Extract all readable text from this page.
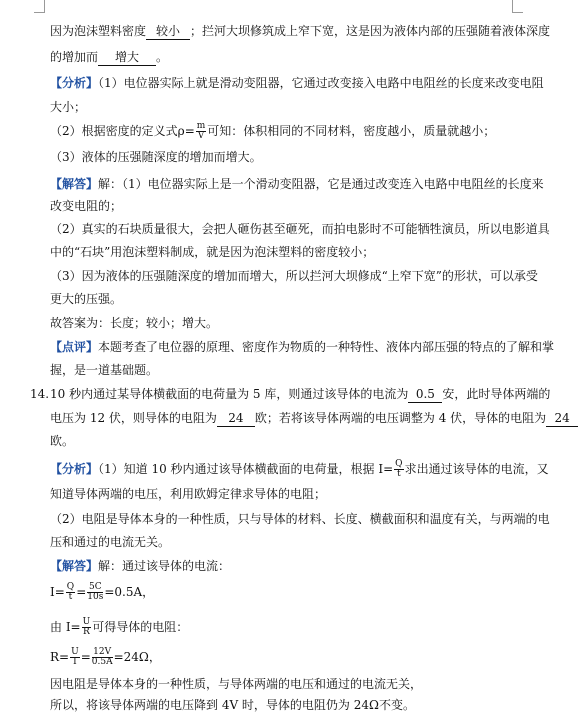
因为泡沫塑料密度 较小 ；拦河大坝修筑成上窄下宽，这是因为液体内部的压强随着液体深度
的增加而 增大 。
【分析】（1）电位器实际上就是滑动变阻器，它通过改变接入电路中电阻丝的长度来改变电阻
大小；
（2）根据密度的定义式$\rho= \frac{m}{V}$ 可知：体积相同的不同材料，密度越小，质量就越小；
（3）液体的压强随深度的增加而增大。
【解答】解：（1）电位器实际上是一个滑动变阻器，它是通过改变连入电路中电阻丝的长度来
改变电阻的；
（2）真实的石块质量很大，会把人砸伤甚至砸死，而拍电影时不可能牺牲演员，所以电影道具
中的“石块”用泡沫塑料制成，就是因为泡沫塑料的密度较小；
（3）因为液体的压强随深度的增加而增大，所以拦河大坝修成“上窄下宽”的形状，可以承受
更大的压强。
故答案为：长度；较小；增大。
【点评】本题考查了电位器的原理、密度作为物质的一种特性、液体内部压强的特点的了解和掌
握，是一道基础题。
14. 10 秒内通过某导体横截面的电荷量为 5 库，则通过该导体的电流为 0.5 安，此时导体两端的
电压为 12 伏，则导体的电阻为 24 欧；若将该导体两端的电压调整为 4 伏，导体的电阻为 24
欧。
【分析】（1）知道 10 秒内通过该导体横截面的电荷量，根据 $I= \frac{Q}{t}$ 求出通过该导体的电流，又
知道导体两端的电压，利用欧姆定律求导体的电阻；
（2）电阻是导体本身的一种性质，只与导体的材料、长度、横截面积和温度有关，与两端的电
压和通过的电流无关。
【解答】解：通过该导体的电流：
$I= \frac{Q}{t} = \frac{5C}{10s} =0.5A$，
由 $I= \frac{U}{R}$ 可得导体的电阻：
$R= \frac{U}{I} = \frac{12V}{0.5A} =24\Omega$，
因电阻是导体本身的一种性质，与导体两端的电压和通过的电流无关，
所以，将该导体两端的电压降到 4V 时，导体的电阻仍为 24Ω不变。
